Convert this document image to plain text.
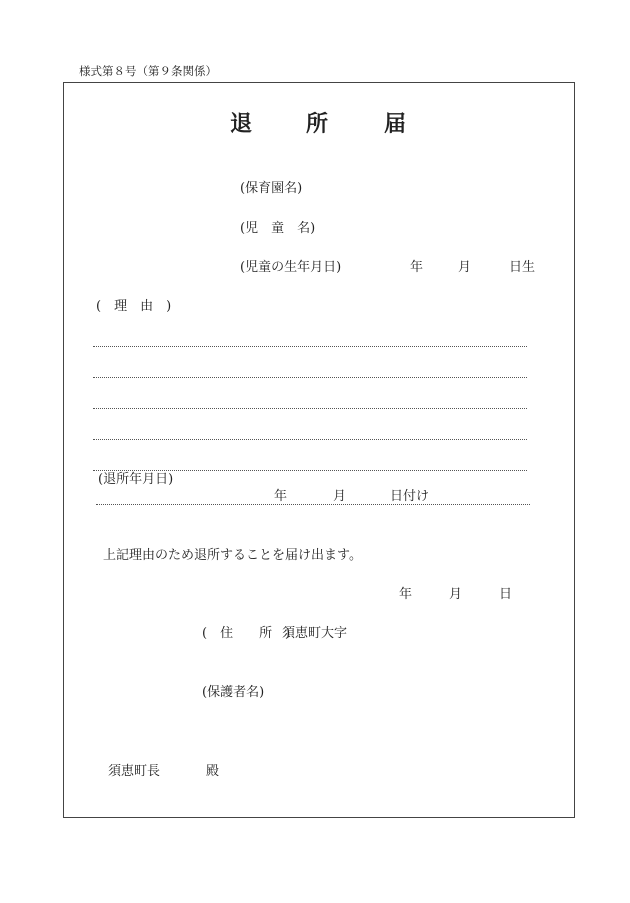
様式第８号（第９条関係）
退 所	届
(保育園名)
(児　童　名)
(児童の生年月日)	年	月	日生
(　理　由　)
(退所年月日)
年	月	日付け
上記理由のため退所することを届け出ます。
年	月	日
(　住　　所　)
須恵町大字
(保護者名)
須恵町長	殿
